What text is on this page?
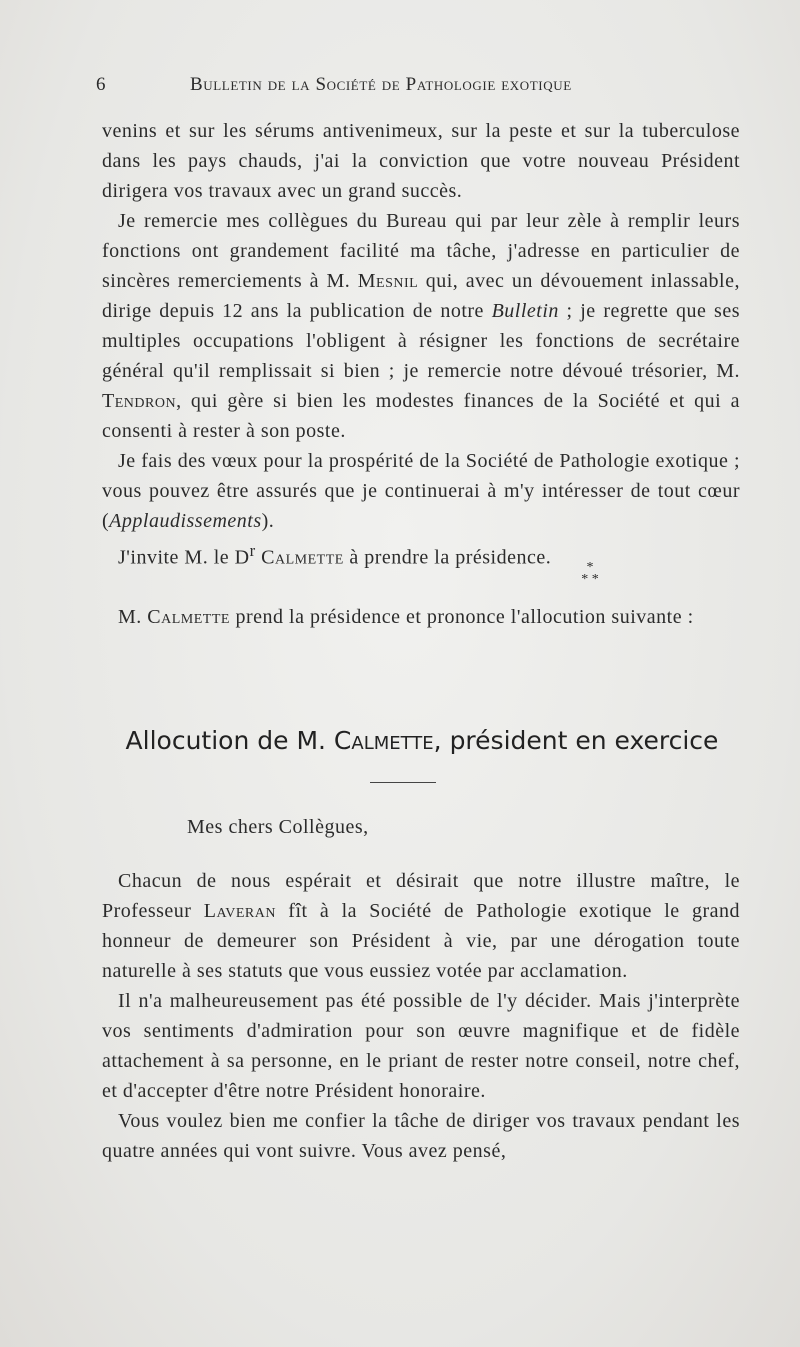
6	Bulletin de la Société de Pathologie exotique

venins et sur les sérums antivenimeux, sur la peste et sur la tuberculose dans les pays chauds, j'ai la conviction que votre nouveau Président dirigera vos travaux avec un grand succès.

Je remercie mes collègues du Bureau qui par leur zèle à remplir leurs fonctions ont grandement facilité ma tâche, j'adresse en particulier de sincères remerciements à M. Mesnil qui, avec un dévouement inlassable, dirige depuis 12 ans la publication de notre Bulletin ; je regrette que ses multiples occupations l'obligent à résigner les fonctions de secrétaire général qu'il remplissait si bien ; je remercie notre dévoué trésorier, M. Tendron, qui gère si bien les modestes finances de la Société et qui a consenti à rester à son poste.

Je fais des vœux pour la prospérité de la Société de Pathologie exotique ; vous pouvez être assurés que je continuerai à m'y intéresser de tout cœur (Applaudissements).

J'invite M. le $D^r$ Calmette à prendre la présidence.	*
* *

M. Calmette prend la présidence et prononce l'allocution suivante :

Allocution de M. Calmette, président en exercice
Mes chers Collègues,

Chacun de nous espérait et désirait que notre illustre maître, le Professeur Laveran fît à la Société de Pathologie exotique le grand honneur de demeurer son Président à vie, par une dérogation toute naturelle à ses statuts que vous eussiez votée par acclamation.

Il n'a malheureusement pas été possible de l'y décider. Mais j'interprète vos sentiments d'admiration pour son œuvre magnifique et de fidèle attachement à sa personne, en le priant de rester notre conseil, notre chef, et d'accepter d'être notre Président honoraire.

Vous voulez bien me confier la tâche de diriger vos travaux pendant les quatre années qui vont suivre. Vous avez pensé,
